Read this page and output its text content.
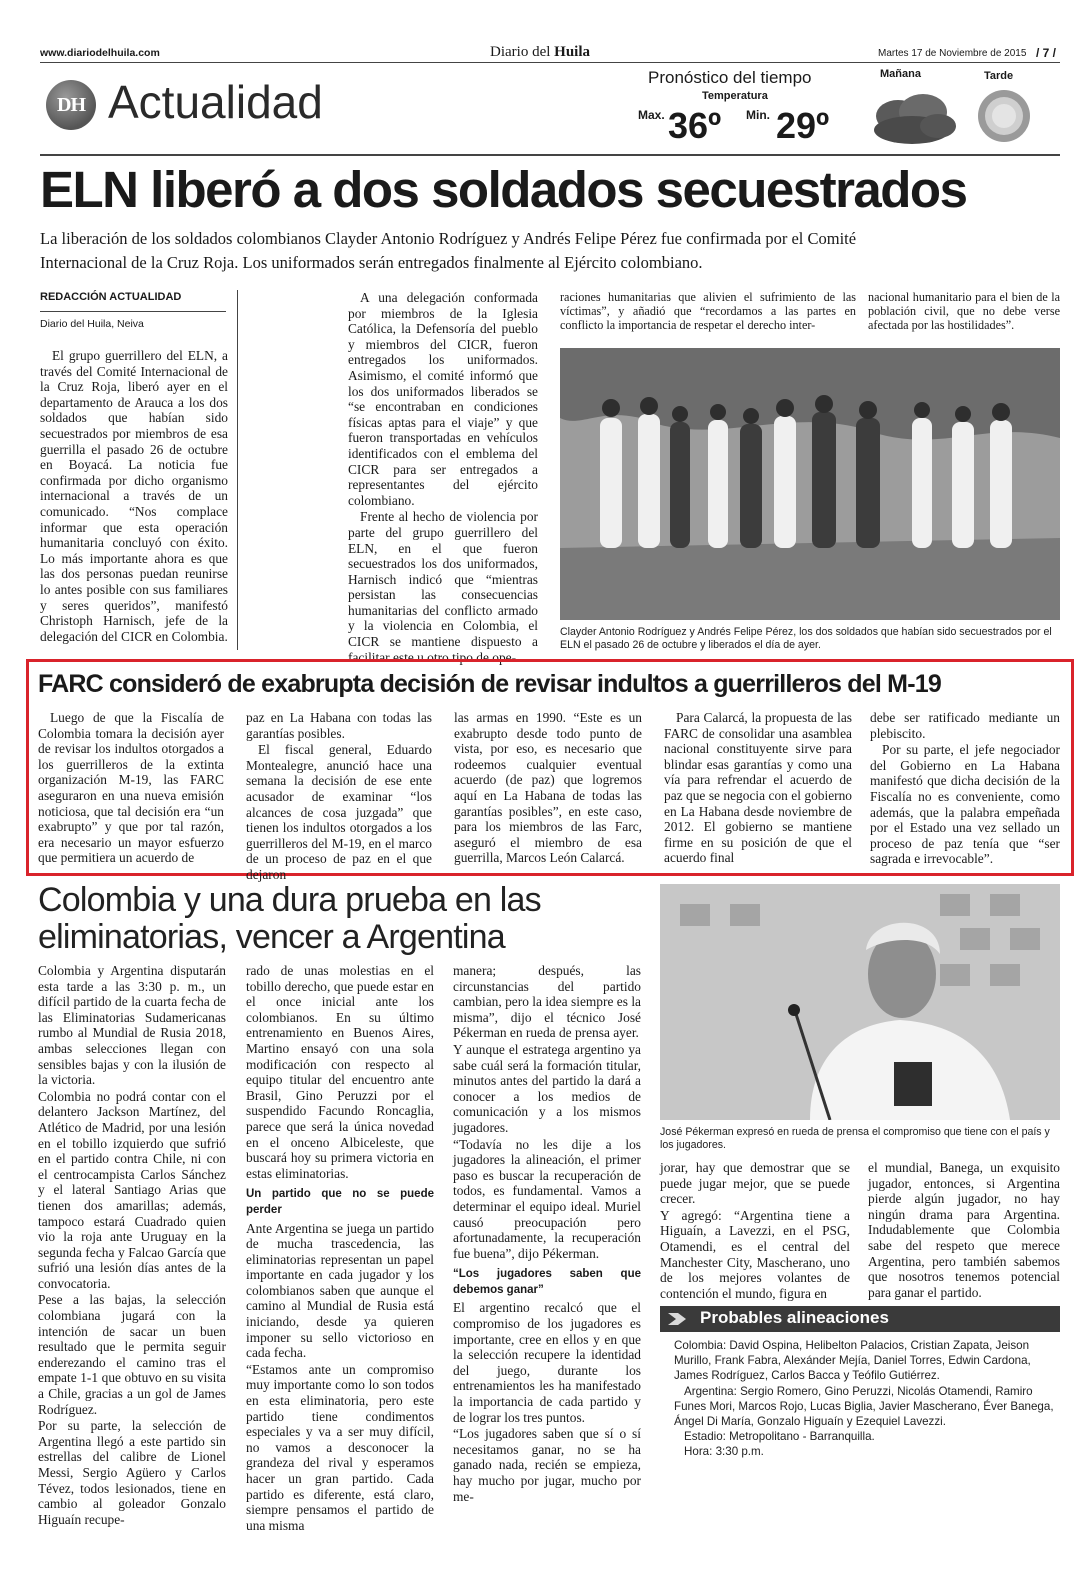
www.diariodelhuila.com	Diario del Huila	Martes 17 de Noviembre de 2015 / 7 /
DH Actualidad	Pronóstico del tiempo
Temperatura
Max. 36º Min. 29º
Mañana	Tarde
ELN liberó a dos soldados secuestrados
La liberación de los soldados colombianos Clayder Antonio Rodríguez y Andrés Felipe Pérez fue confirmada por el Comité Internacional de la Cruz Roja. Los uniformados serán entregados finalmente al Ejército colombiano.
REDACCIÓN ACTUALIDAD
Diario del Huila, Neiva

El grupo guerrillero del ELN, a través del Comité Internacional de la Cruz Roja, liberó ayer en el departamento de Arauca a los dos soldados que habían sido secuestrados por miembros de esa guerrilla el pasado 26 de octubre en Boyacá. La noticia fue confirmada por dicho organismo internacional a través de un comunicado. “Nos complace informar que esta operación humanitaria concluyó con éxito. Lo más importante ahora es que las dos personas puedan reunirse lo antes posible con sus familiares y seres queridos”, manifestó Christoph Harnisch, jefe de la delegación del CICR en Colombia.

A una delegación conformada por miembros de la Iglesia Católica, la Defensoría del pueblo y miembros del CICR, fueron entregados los uniformados. Asimismo, el comité informó que los dos uniformados liberados se “se encontraban en condiciones físicas aptas para el viaje” y que fueron transportadas en vehículos identificados con el emblema del CICR para ser entregados a representantes del ejército colombiano.

Frente al hecho de violencia por parte del grupo guerrillero del ELN, en el que fueron secuestrados los dos uniformados, Harnisch indicó que “mientras persistan las consecuencias humanitarias del conflicto armado y la violencia en Colombia, el CICR se mantiene dispuesto a facilitar este u otro tipo de ope-

raciones humanitarias que alivien el sufrimiento de las víctimas”, y añadió que “recordamos a las partes en conflicto la importancia de respetar el derecho inter-

nacional humanitario para el bien de la población civil, que no debe verse afectada por las hostilidades”.

Clayder Antonio Rodríguez y Andrés Felipe Pérez, los dos soldados que habían sido secuestrados por el ELN el pasado 26 de octubre y liberados el día de ayer.
FARC consideró de exabrupta decisión de revisar indultos a guerrilleros del M-19

Luego de que la Fiscalía de Colombia tomara la decisión ayer de revisar los indultos otorgados a los guerrilleros de la extinta organización M-19, las FARC aseguraron en una nueva emisión noticiosa, que tal decisión era “un exabrupto” y que por tal razón, era necesario un mayor esfuerzo que permitiera un acuerdo de

paz en La Habana con todas las garantías posibles.

El fiscal general, Eduardo Montealegre, anunció hace una semana la decisión de ese ente acusador de examinar “los alcances de cosa juzgada” que tienen los indultos otorgados a los guerrilleros del M-19, en el marco de un proceso de paz en el que dejaron

las armas en 1990. “Este es un exabrupto desde todo punto de vista, por eso, es necesario que rodeemos cualquier eventual acuerdo (de paz) que logremos aquí en La Habana de todas las garantías posibles”, en este caso, para los miembros de las Farc, aseguró el miembro de esa guerrilla, Marcos León Calarcá.

Para Calarcá, la propuesta de las FARC de consolidar una asamblea nacional constituyente sirve para blindar esas garantías y como una vía para refrendar el acuerdo de paz que se negocia con el gobierno en La Habana desde noviembre de 2012. El gobierno se mantiene firme en su posición de que el acuerdo final

debe ser ratificado mediante un plebiscito.

Por su parte, el jefe negociador del Gobierno en La Habana manifestó que dicha decisión de la Fiscalía no es conveniente, como además, que la palabra empeñada por el Estado una vez sellado un proceso de paz tenía que “ser sagrada e irrevocable”.

Colombia y una dura prueba en las
eliminatorias, vencer a Argentina

Colombia y Argentina disputarán esta tarde a las 3:30 p. m., un difícil partido de la cuarta fecha de las Eliminatorias Sudamericanas rumbo al Mundial de Rusia 2018, ambas selecciones llegan con sensibles bajas y con la ilusión de la victoria.

Colombia no podrá contar con el delantero Jackson Martínez, del Atlético de Madrid, por una lesión en el tobillo izquierdo que sufrió en el partido contra Chile, ni con el centrocampista Carlos Sánchez y el lateral Santiago Arias que tienen dos amarillas; además, tampoco estará Cuadrado quien vio la roja ante Uruguay en la segunda fecha y Falcao García que sufrió una lesión días antes de la convocatoria.

Pese a las bajas, la selección colombiana jugará con la intención de sacar un buen resultado que le permita seguir enderezando el camino tras el empate 1-1 que obtuvo en su visita a Chile, gracias a un gol de James Rodríguez.

Por su parte, la selección de Argentina llegó a este partido sin estrellas del calibre de Lionel Messi, Sergio Agüero y Carlos Tévez, todos lesionados, tiene en cambio al goleador Gonzalo Higuaín recupe-

rado de unas molestias en el tobillo derecho, que puede estar en el once inicial ante los colombianos. En su último entrenamiento en Buenos Aires, Martino ensayó con una sola modificación con respecto al equipo titular del encuentro ante Brasil, Gino Peruzzi por el suspendido Facundo Roncaglia, parece que será la única novedad en el onceno Albiceleste, que buscará hoy su primera victoria en estas eliminatorias.

Un partido que no se puede perder

Ante Argentina se juega un partido de mucha trascedencia, las eliminatorias representan un papel importante en cada jugador y los colombianos saben que aunque el camino al Mundial de Rusia está iniciando, desde ya quieren imponer su sello victorioso en cada fecha.

“Estamos ante un compromiso muy importante como lo son todos en esta eliminatoria, pero este partido tiene condimentos especiales y va a ser muy difícil, no vamos a desconocer la grandeza del rival y esperamos hacer un gran partido. Cada partido es diferente, está claro, siempre pensamos el partido de una misma

manera; después, las circunstancias del partido cambian, pero la idea siempre es la misma”, dijo el técnico José Pékerman en rueda de prensa ayer.

Y aunque el estratega argentino ya sabe cuál será la formación titular, minutos antes del partido la dará a conocer a los medios de comunicación y a los mismos jugadores.

“Todavía no les dije a los jugadores la alineación, el primer paso es buscar la recuperación de todos, es fundamental. Vamos a determinar el equipo ideal. Muriel causó preocupación pero afortunadamente, la recuperación fue buena”, dijo Pékerman.

“Los jugadores saben que debemos ganar”

El argentino recalcó que el compromiso de los jugadores es importante, cree en ellos y en que la selección recupere la identidad del juego, durante los entrenamientos les ha manifestado la importancia de cada partido y de lograr los tres puntos.

“Los jugadores saben que sí o sí necesitamos ganar, no se ha ganado nada, recién se empieza, hay mucho por jugar, mucho por me-

José Pékerman expresó en rueda de prensa el compromiso que tiene con el país y los jugadores.

jorar, hay que demostrar que se puede jugar mejor, que se puede crecer.

Y agregó: “Argentina tiene a Higuaín, a Lavezzi, en el PSG, Otamendi, es el central del Manchester City, Mascherano, uno de los mejores volantes de contención el mundo, figura en

el mundial, Banega, un exquisito jugador, entonces, si Argentina pierde algún jugador, no hay ningún drama para Argentina. Indudablemente que Colombia sabe del respeto que merece Argentina, pero también sabemos que nosotros tenemos potencial para ganar el partido.

Probables alineaciones
Colombia: David Ospina, Helibelton Palacios, Cristian Zapata, Jeison Murillo, Frank Fabra, Alexánder Mejía, Daniel Torres, Edwin Cardona, James Rodríguez, Carlos Bacca y Teófilo Gutiérrez.
Argentina: Sergio Romero, Gino Peruzzi, Nicolás Otamendi, Ramiro Funes Mori, Marcos Rojo, Lucas Biglia, Javier Mascherano, Éver Banega, Ángel Di María, Gonzalo Higuaín y Ezequiel Lavezzi.
Estadio: Metropolitano - Barranquilla.
Hora: 3:30 p.m.
